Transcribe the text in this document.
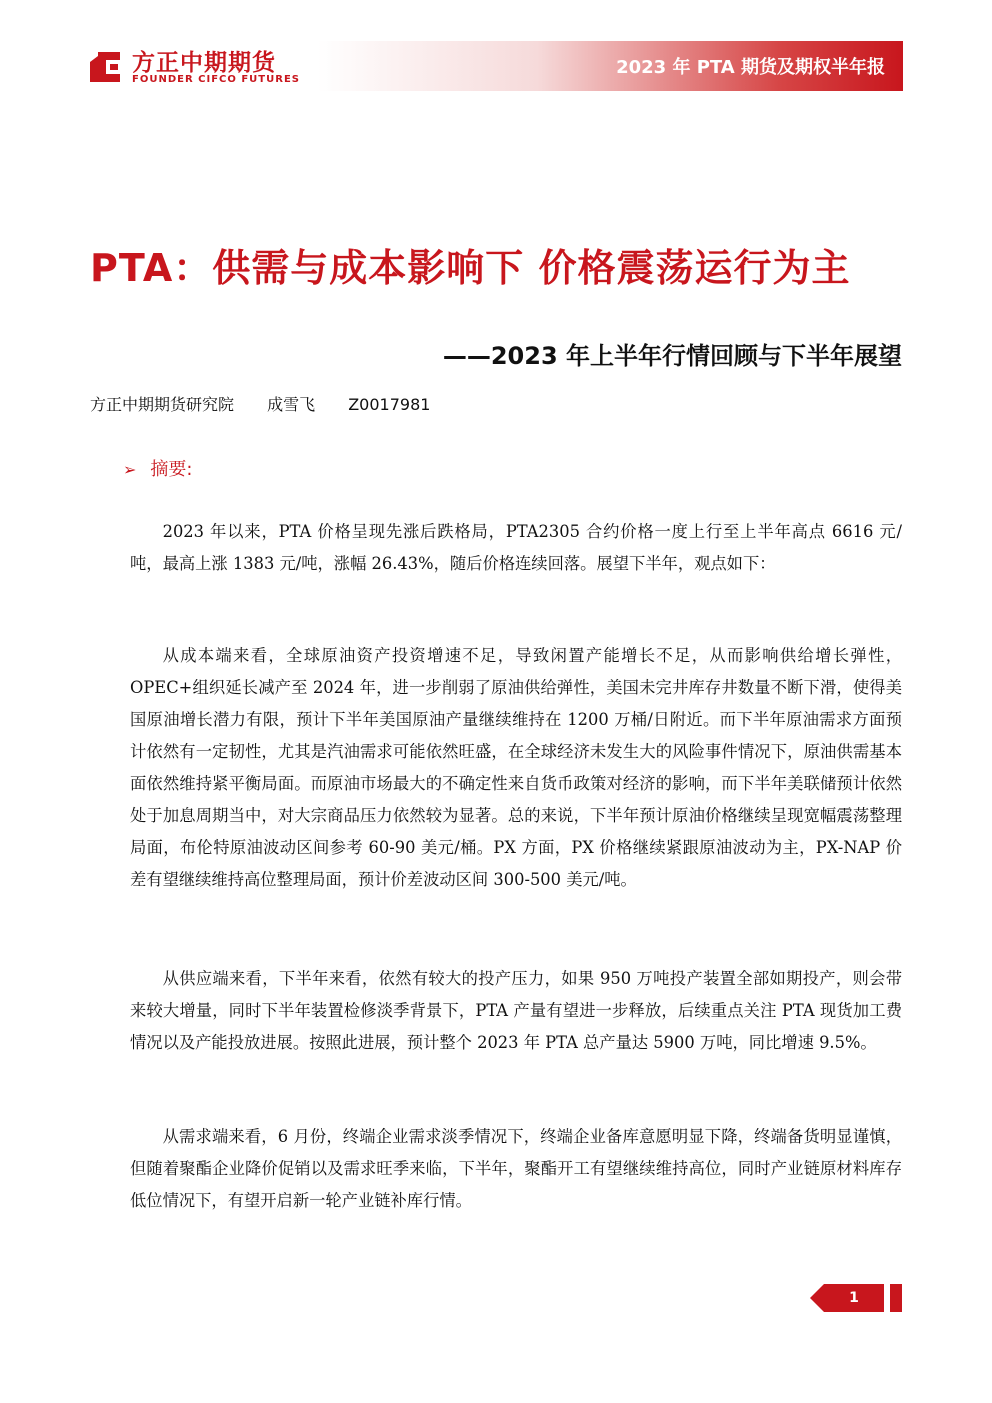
方正中期期货
FOUNDER CIFCO FUTURES
2023 年 PTA 期货及期权半年报
PTA：供需与成本影响下 价格震荡运行为主
——2023 年上半年行情回顾与下半年展望
方正中期期货研究院 成雪飞 Z0017981
➢ 摘要:

2023 年以来，PTA 价格呈现先涨后跌格局，PTA2305 合约价格一度上行至上半年高点 6616 元/吨，最高上涨 1383 元/吨，涨幅 26.43%，随后价格连续回落。展望下半年，观点如下：

从成本端来看，全球原油资产投资增速不足，导致闲置产能增长不足，从而影响供给增长弹性，OPEC+组织延长减产至 2024 年，进一步削弱了原油供给弹性，美国未完井库存井数量不断下滑，使得美国原油增长潜力有限，预计下半年美国原油产量继续维持在 1200 万桶/日附近。而下半年原油需求方面预计依然有一定韧性，尤其是汽油需求可能依然旺盛，在全球经济未发生大的风险事件情况下，原油供需基本面依然维持紧平衡局面。而原油市场最大的不确定性来自货币政策对经济的影响，而下半年美联储预计依然处于加息周期当中，对大宗商品压力依然较为显著。总的来说，下半年预计原油价格继续呈现宽幅震荡整理局面，布伦特原油波动区间参考 60-90 美元/桶。PX 方面，PX 价格继续紧跟原油波动为主，PX-NAP 价差有望继续维持高位整理局面，预计价差波动区间 300-500 美元/吨。

从供应端来看，下半年来看，依然有较大的投产压力，如果 950 万吨投产装置全部如期投产，则会带来较大增量，同时下半年装置检修淡季背景下，PTA 产量有望进一步释放，后续重点关注 PTA 现货加工费情况以及产能投放进展。按照此进展，预计整个 2023 年 PTA 总产量达 5900 万吨，同比增速 9.5%。

从需求端来看，6 月份，终端企业需求淡季情况下，终端企业备库意愿明显下降，终端备货明显谨慎，但随着聚酯企业降价促销以及需求旺季来临，下半年，聚酯开工有望继续维持高位，同时产业链原材料库存低位情况下，有望开启新一轮产业链补库行情。

1
